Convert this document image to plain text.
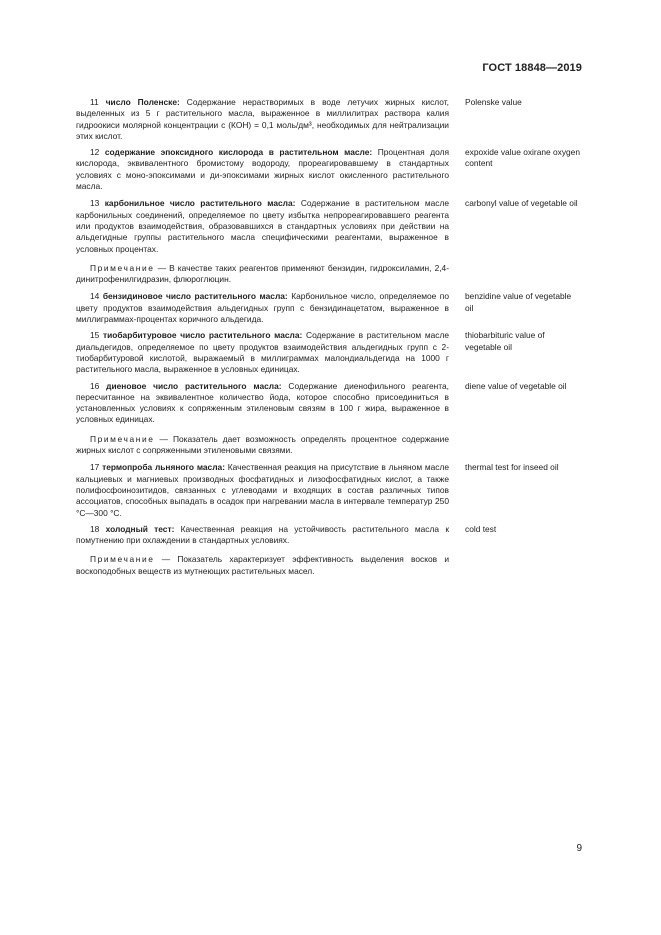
ГОСТ 18848—2019
11 число Поленске: Содержание нерастворимых в воде летучих жирных кислот, выделенных из 5 г растительного масла, выраженное в миллилитрах раствора калия гидроокиси молярной концентрации с (КОН) = 0,1 моль/дм³, необходимых для нейтрализации этих кислот.
Polenske value
12 содержание эпоксидного кислорода в растительном масле: Процентная доля кислорода, эквивалентного бромистому водороду, прореагировавшему в стандартных условиях с моно-эпоксимами и ди-эпоксимами жирных кислот окисленного растительного масла.
expoxide value oxirane oxygen content
13 карбонильное число растительного масла: Содержание в растительном масле карбонильных соединений, определяемое по цвету избытка непрореагировавшего реагента или продуктов взаимодействия, образовавшихся в стандартных условиях при действии на альдегидные группы растительного масла специфическими реагентами, выраженное в условных процентах.
carbonyl value of vegetable oil
Примечание — В качестве таких реагентов применяют бензидин, гидроксиламин, 2,4-динитрофенилгидразин, флюроглюцин.
14 бензидиновое число растительного масла: Карбонильное число, определяемое по цвету продуктов взаимодействия альдегидных групп с бензидинацетатом, выраженное в миллиграммах-процентах коричного альдегида.
benzidine value of vegetable oil
15 тиобарбитуровое число растительного масла: Содержание в растительном масле диальдегидов, определяемое по цвету продуктов взаимодействия альдегидных групп с 2-тиобарбитуровой кислотой, выражаемый в миллиграммах малондиальдегида на 1000 г растительного масла, выраженное в условных единицах.
thiobarbituric value of vegetable oil
16 диеновое число растительного масла: Содержание диенофильного реагента, пересчитанное на эквивалентное количество йода, которое способно присоединиться в установленных условиях к сопряженным этиленовым связям в 100 г жира, выраженное в условных единицах.
diene value of vegetable oil
Примечание — Показатель дает возможность определять процентное содержание жирных кислот с сопряженными этиленовыми связями.
17 термопроба льняного масла: Качественная реакция на присутствие в льняном масле кальциевых и магниевых производных фосфатидных и лизофосфатидных кислот, а также полифосфоинозитидов, связанных с углеводами и входящих в состав различных типов ассоциатов, способных выпадать в осадок при нагревании масла в интервале температур 250 °С—300 °С.
thermal test for inseed oil
18 холодный тест: Качественная реакция на устойчивость растительного масла к помутнению при охлаждении в стандартных условиях.
cold test
Примечание — Показатель характеризует эффективность выделения восков и воскоподобных веществ из мутнеющих растительных масел.
9
